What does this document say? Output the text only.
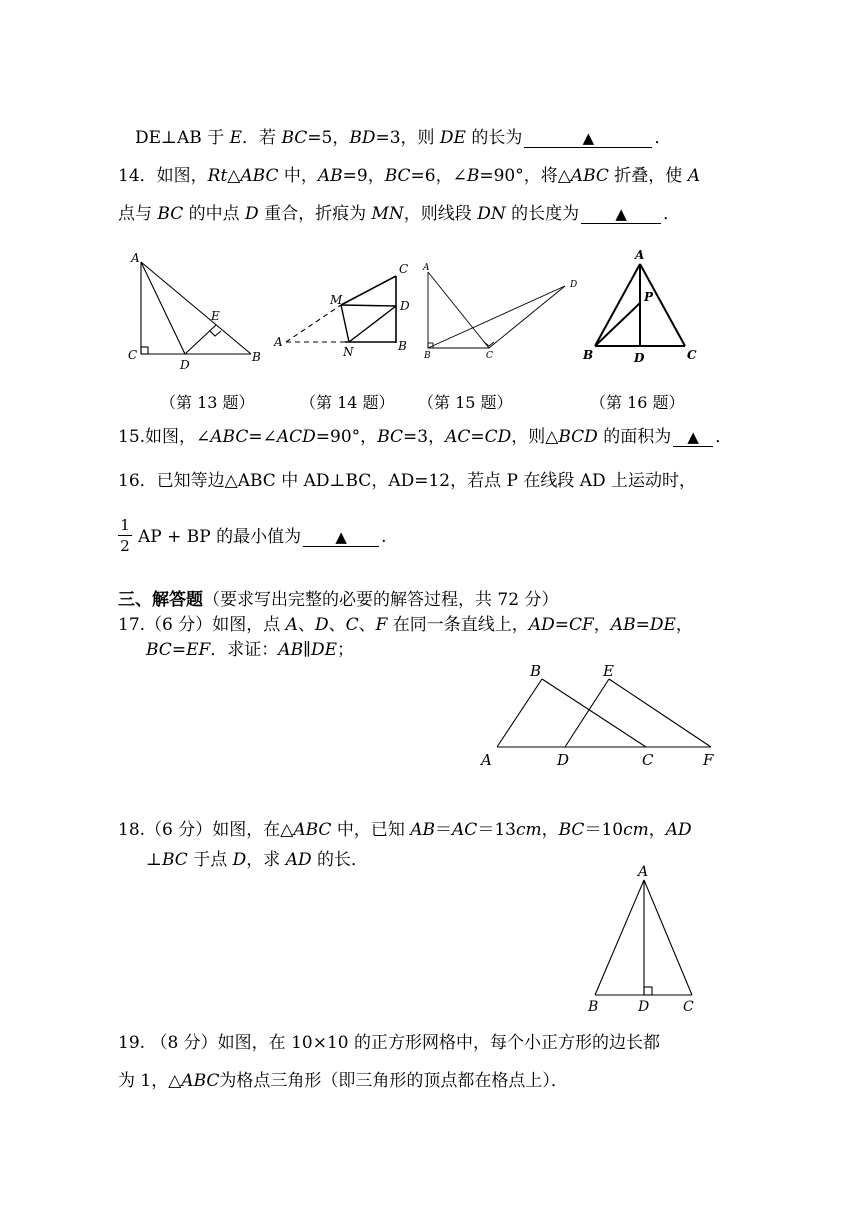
DE⊥AB 于 E．若 BC=5，BD=3，则 DE 的长为	▲	．
14．如图，Rt△ABC 中，AB=9，BC=6，∠B=90°，将△ABC 折叠，使 A
点与 BC 的中点 D 重合，折痕为 MN，则线段 DN 的长度为 ▲ ．
A
C
D
E
B
C
M	D
A
N	B
A
B	C
D
A
P
B	D	C
B	E
A	D	C	F
A
B	D C
（第 13 题）	（第 14 题） （第 15 题）	（第 16 题）
15.如图，∠ABC=∠ACD=90°，BC=3，AC=CD，则△BCD 的面积为 ▲ ．
16．已知等边△ABC 中 AD⊥BC，AD=12，若点 P 在线段 AD 上运动时，
1
2 AP + BP 的最小值为 ▲ .
三、解答题（要求写出完整的必要的解答过程，共 72 分）
17.（6 分）如图，点 A、D、C、F 在同一条直线上，AD=CF，AB=DE，
BC=EF．求证：AB∥DE；
18.（6 分）如图，在△ABC 中，已知 AB＝AC＝13cm，BC＝10cm，AD
⊥BC 于点 D，求 AD 的长．
19. （8 分）如图，在 10×10 的正方形网格中，每个小正方形的边长都
为 1，△ABC为格点三角形（即三角形的顶点都在格点上）．
